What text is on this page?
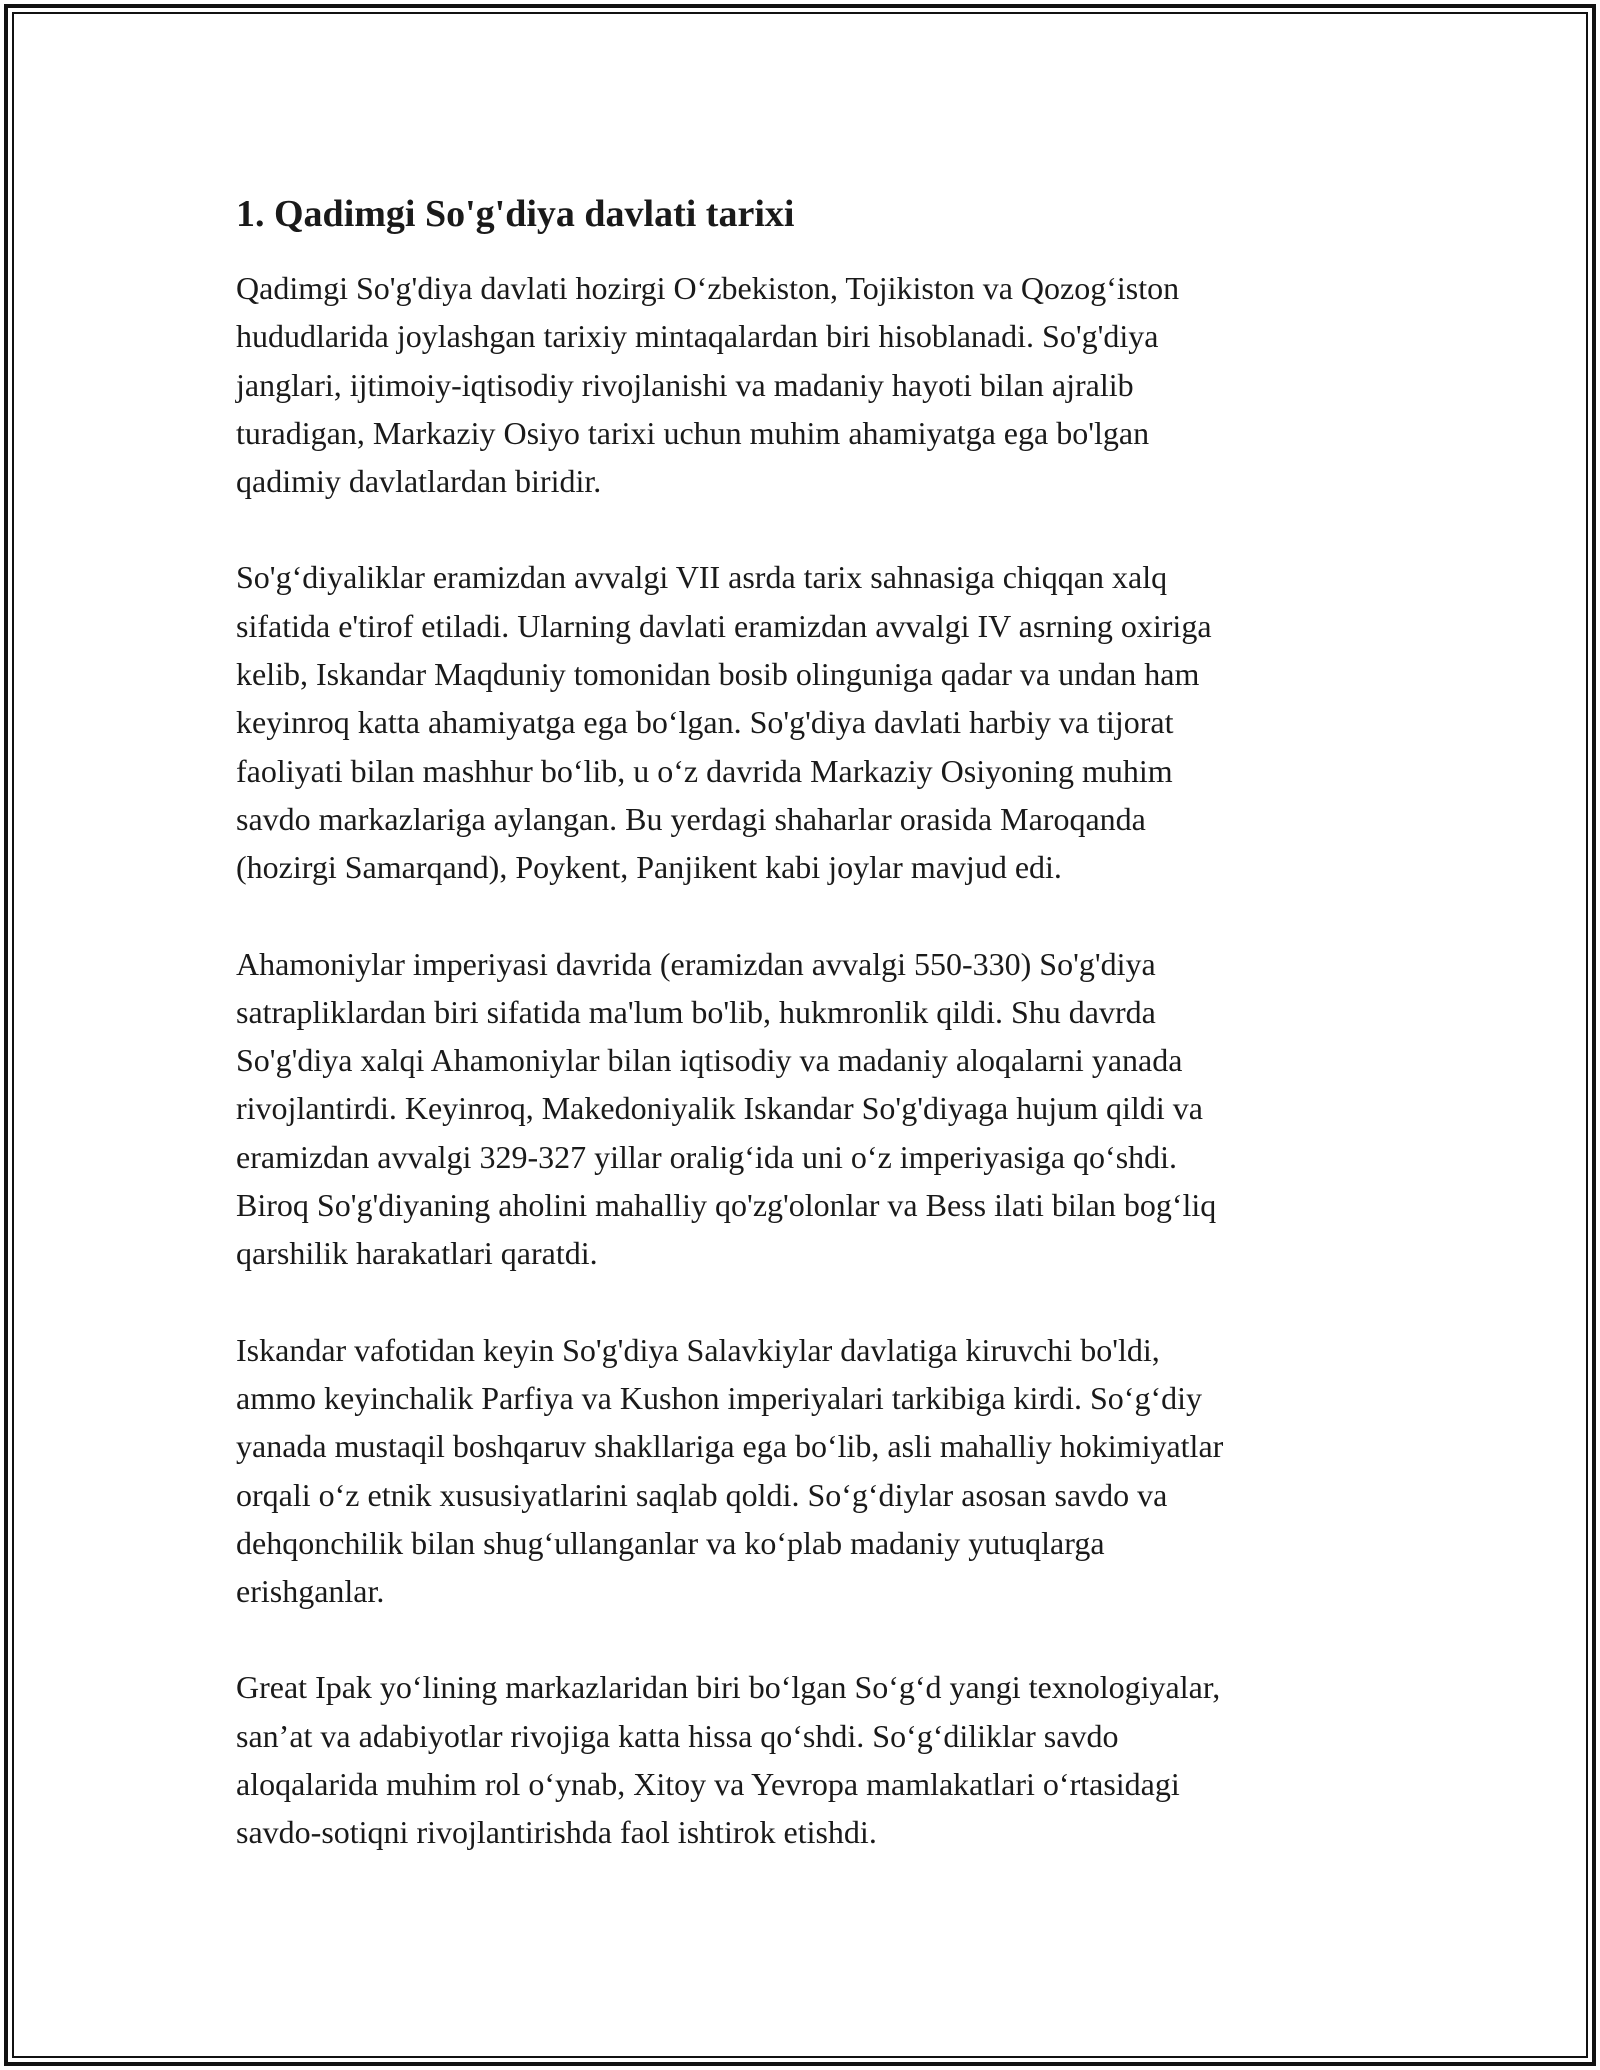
1. Qadimgi So'g'diya davlati tarixi

Qadimgi So'g'diya davlati hozirgi O‘zbekiston, Tojikiston va Qozog‘iston
hududlarida joylashgan tarixiy mintaqalardan biri hisoblanadi. So'g'diya
janglari, ijtimoiy-iqtisodiy rivojlanishi va madaniy hayoti bilan ajralib
turadigan, Markaziy Osiyo tarixi uchun muhim ahamiyatga ega bo'lgan
qadimiy davlatlardan biridir.

So'g‘diyaliklar eramizdan avvalgi VII asrda tarix sahnasiga chiqqan xalq
sifatida e'tirof etiladi. Ularning davlati eramizdan avvalgi IV asrning oxiriga
kelib, Iskandar Maqduniy tomonidan bosib olinguniga qadar va undan ham
keyinroq katta ahamiyatga ega bo‘lgan. So'g'diya davlati harbiy va tijorat
faoliyati bilan mashhur bo‘lib, u o‘z davrida Markaziy Osiyoning muhim
savdo markazlariga aylangan. Bu yerdagi shaharlar orasida Maroqanda
(hozirgi Samarqand), Poykent, Panjikent kabi joylar mavjud edi.

Ahamoniylar imperiyasi davrida (eramizdan avvalgi 550-330) So'g'diya
satrapliklardan biri sifatida ma'lum bo'lib, hukmronlik qildi. Shu davrda
So'g'diya xalqi Ahamoniylar bilan iqtisodiy va madaniy aloqalarni yanada
rivojlantirdi. Keyinroq, Makedoniyalik Iskandar So'g'diyaga hujum qildi va
eramizdan avvalgi 329-327 yillar oralig‘ida uni o‘z imperiyasiga qo‘shdi.
Biroq So'g'diyaning aholini mahalliy qo'zg'olonlar va Bess ilati bilan bog‘liq
qarshilik harakatlari qaratdi.

Iskandar vafotidan keyin So'g'diya Salavkiylar davlatiga kiruvchi bo'ldi,
ammo keyinchalik Parfiya va Kushon imperiyalari tarkibiga kirdi. So‘g‘diy
yanada mustaqil boshqaruv shakllariga ega bo‘lib, asli mahalliy hokimiyatlar
orqali o‘z etnik xususiyatlarini saqlab qoldi. So‘g‘diylar asosan savdo va
dehqonchilik bilan shug‘ullanganlar va ko‘plab madaniy yutuqlarga
erishganlar.

Great Ipak yo‘lining markazlaridan biri bo‘lgan So‘g‘d yangi texnologiyalar,
san’at va adabiyotlar rivojiga katta hissa qo‘shdi. So‘g‘diliklar savdo
aloqalarida muhim rol o‘ynab, Xitoy va Yevropa mamlakatlari o‘rtasidagi
savdo-sotiqni rivojlantirishda faol ishtirok etishdi.
